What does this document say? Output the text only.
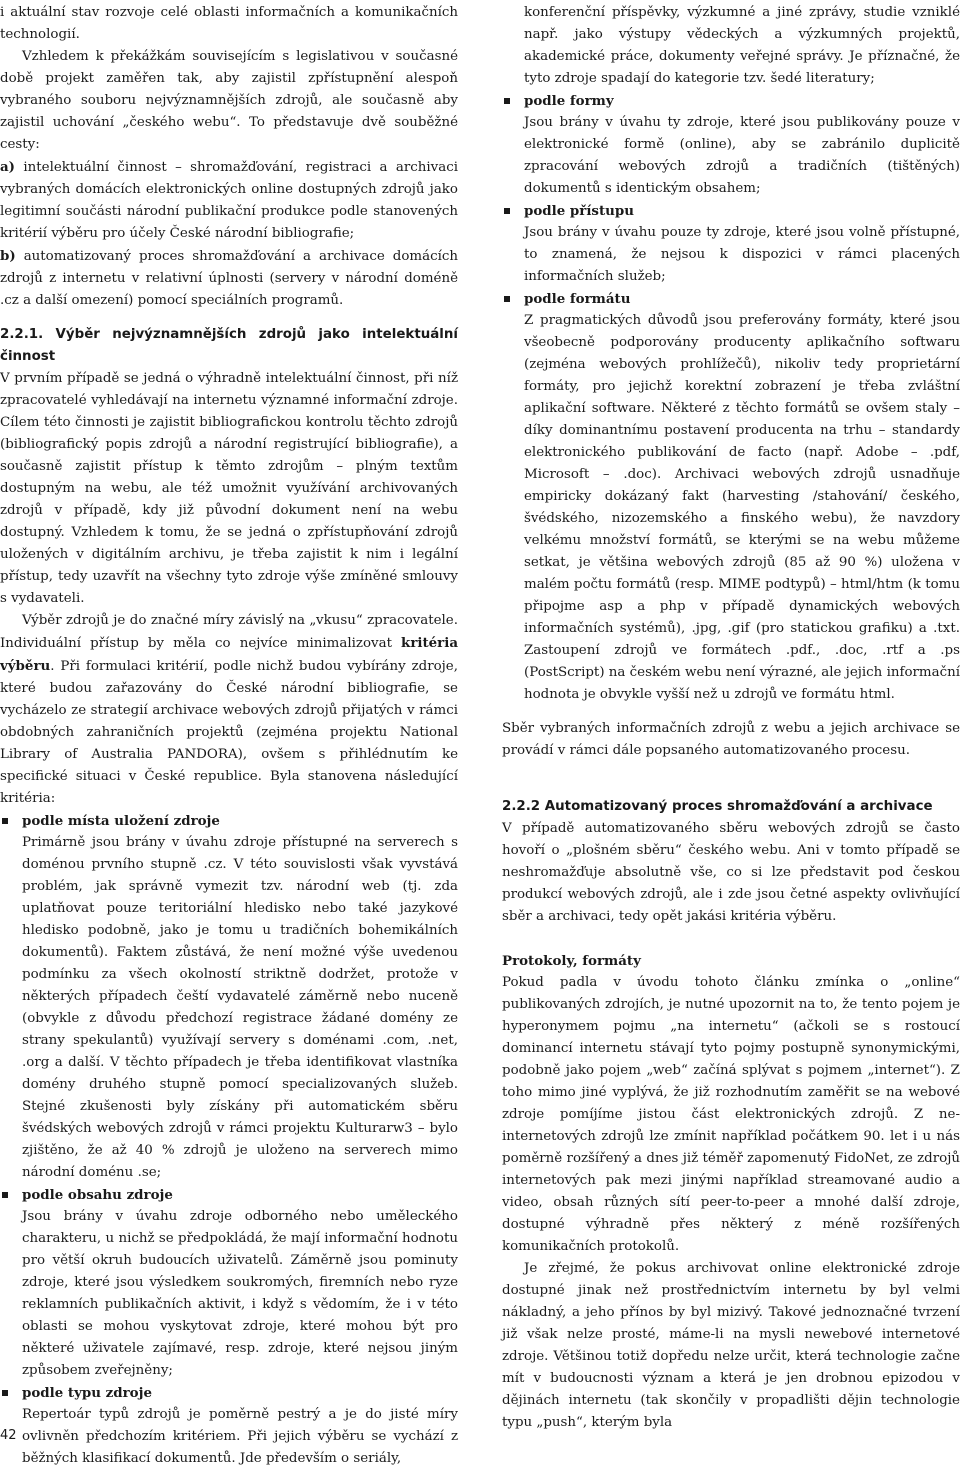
i aktuální stav rozvoje celé oblasti informačních a komunikačních technologií.

Vzhledem k překážkám souvisejícím s legislativou v současné době projekt zaměřen tak, aby zajistil zpřístupnění alespoň vybraného souboru nejvýznamnějších zdrojů, ale současně aby zajistil uchování „českého webu“. To představuje dvě souběžné cesty:

a) intelektuální činnost – shromažďování, registraci a archivaci vybraných domácích elektronických online dostupných zdrojů jako legitimní součásti národní publikační produkce podle stanovených kritérií výběru pro účely České národní bibliografie;

b) automatizovaný proces shromažďování a archivace domácích zdrojů z internetu v relativní úplnosti (servery v národní doméně .cz a další omezení) pomocí speciálních programů.

2.2.1. Výběr nejvýznamnějších zdrojů jako intelektuální činnost

V prvním případě se jedná o výhradně intelektuální činnost, při níž zpracovatelé vyhledávají na internetu významné informační zdroje. Cílem této činnosti je zajistit bibliografickou kontrolu těchto zdrojů (bibliografický popis zdrojů a národní registrující bibliografie), a současně zajistit přístup k těmto zdrojům – plným textům dostupným na webu, ale též umožnit využívání archivovaných zdrojů v případě, kdy již původní dokument není na webu dostupný. Vzhledem k tomu, že se jedná o zpřístupňování zdrojů uložených v digitálním archivu, je třeba zajistit k nim i legální přístup, tedy uzavřít na všechny tyto zdroje výše zmíněné smlouvy s vydavateli.

Výběr zdrojů je do značné míry závislý na „vkusu“ zpracovatele. Individuální přístup by měla co nejvíce minimalizovat kritéria výběru. Při formulaci kritérií, podle nichž budou vybírány zdroje, které budou zařazovány do České národní bibliografie, se vycházelo ze strategií archivace webových zdrojů přijatých v rámci obdobných zahraničních projektů (zejména projektu National Library of Australia PANDORA), ovšem s přihlédnutím ke specifické situaci v České republice. Byla stanovena následující kritéria:

podle místa uložení zdroje

Primárně jsou brány v úvahu zdroje přístupné na serverech s doménou prvního stupně .cz. V této souvislosti však vyvstává problém, jak správně vymezit tzv. národní web (tj. zda uplatňovat pouze teritoriální hledisko nebo také jazykové hledisko podobně, jako je tomu u tradičních bohemikálních dokumentů). Faktem zůstává, že není možné výše uvedenou podmínku za všech okolností striktně dodržet, protože v některých případech čeští vydavatelé záměrně nebo nuceně (obvykle z důvodu předchozí registrace žádané domény ze strany spekulantů) využívají servery s doménami .com, .net, .org a další. V těchto případech je třeba identifikovat vlastníka domény druhého stupně pomocí specializovaných služeb. Stejné zkušenosti byly získány při automatickém sběru švédských webových zdrojů v rámci projektu Kulturarw3 – bylo zjištěno, že až 40 % zdrojů je uloženo na serverech mimo národní doménu .se;

podle obsahu zdroje

Jsou brány v úvahu zdroje odborného nebo uměleckého charakteru, u nichž se předpokládá, že mají informační hodnotu pro větší okruh budoucích uživatelů. Záměrně jsou pominuty zdroje, které jsou výsledkem soukromých, firemních nebo ryze reklamních publikačních aktivit, i když s vědomím, že i v této oblasti se mohou vyskytovat zdroje, které mohou být pro některé uživatele zajímavé, resp. zdroje, které nejsou jiným způsobem zveřejněny;

podle typu zdroje

Repertoár typů zdrojů je poměrně pestrý a je do jisté míry ovlivněn předchozím kritériem. Při jejich výběru se vychází z běžných klasifikací dokumentů. Jde především o seriály,

konferenční příspěvky, výzkumné a jiné zprávy, studie vzniklé např. jako výstupy vědeckých a výzkumných projektů, akademické práce, dokumenty veřejné správy. Je příznačné, že tyto zdroje spadají do kategorie tzv. šedé literatury;

podle formy

Jsou brány v úvahu ty zdroje, které jsou publikovány pouze v elektronické formě (online), aby se zabránilo duplicitě zpracování webových zdrojů a tradičních (tištěných) dokumentů s identickým obsahem;

podle přístupu

Jsou brány v úvahu pouze ty zdroje, které jsou volně přístupné, to znamená, že nejsou k dispozici v rámci placených informačních služeb;

podle formátu

Z pragmatických důvodů jsou preferovány formáty, které jsou všeobecně podporovány producenty aplikačního softwaru (zejména webových prohlížečů), nikoliv tedy proprietární formáty, pro jejichž korektní zobrazení je třeba zvláštní aplikační software. Některé z těchto formátů se ovšem staly – díky dominantnímu postavení producenta na trhu – standardy elektronického publikování de facto (např. Adobe – .pdf, Microsoft – .doc). Archivaci webových zdrojů usnadňuje empiricky dokázaný fakt (harvesting /stahování/ českého, švédského, nizozemského a finského webu), že navzdory velkému množství formátů, se kterými se na webu můžeme setkat, je většina webových zdrojů (85 až 90 %) uložena v malém počtu formátů (resp. MIME podtypů) – html/htm (k tomu připojme asp a php v případě dynamických webových informačních systémů), .jpg, .gif (pro statickou grafiku) a .txt. Zastoupení zdrojů ve formátech .pdf., .doc, .rtf a .ps (PostScript) na českém webu není výrazné, ale jejich informační hodnota je obvykle vyšší než u zdrojů ve formátu html.

Sběr vybraných informačních zdrojů z webu a jejich archivace se provádí v rámci dále popsaného automatizovaného procesu.

2.2.2 Automatizovaný proces shromažďování a archivace

V případě automatizovaného sběru webových zdrojů se často hovoří o „plošném sběru“ českého webu. Ani v tomto případě se neshromažďuje absolutně vše, co si lze představit pod českou produkcí webových zdrojů, ale i zde jsou četné aspekty ovlivňující sběr a archivaci, tedy opět jakási kritéria výběru.

Protokoly, formáty

Pokud padla v úvodu tohoto článku zmínka o „online“ publikovaných zdrojích, je nutné upozornit na to, že tento pojem je hyperonymem pojmu „na internetu“ (ačkoli se s rostoucí dominancí internetu stávají tyto pojmy postupně synonymickými, podobně jako pojem „web“ začíná splývat s pojmem „internet“). Z toho mimo jiné vyplývá, že již rozhodnutím zaměřit se na webové zdroje pomíjíme jistou část elektronických zdrojů. Z ne-internetových zdrojů lze zmínit například počátkem 90. let i u nás poměrně rozšířený a dnes již téměř zapomenutý FidoNet, ze zdrojů internetových pak mezi jinými například streamované audio a video, obsah různých sítí peer-to-peer a mnohé další zdroje, dostupné výhradně přes některý z méně rozšířených komunikačních protokolů.

Je zřejmé, že pokus archivovat online elektronické zdroje dostupné jinak než prostřednictvím internetu by byl velmi nákladný, a jeho přínos by byl mizivý. Takové jednoznačné tvrzení již však nelze prosté, máme-li na mysli newebové internetové zdroje. Většinou totiž dopředu nelze určit, která technologie začne mít v budoucnosti význam a která je jen drobnou epizodou v dějinách internetu (tak skončily v propadlišti dějin technologie typu „push“, kterým byla

42
